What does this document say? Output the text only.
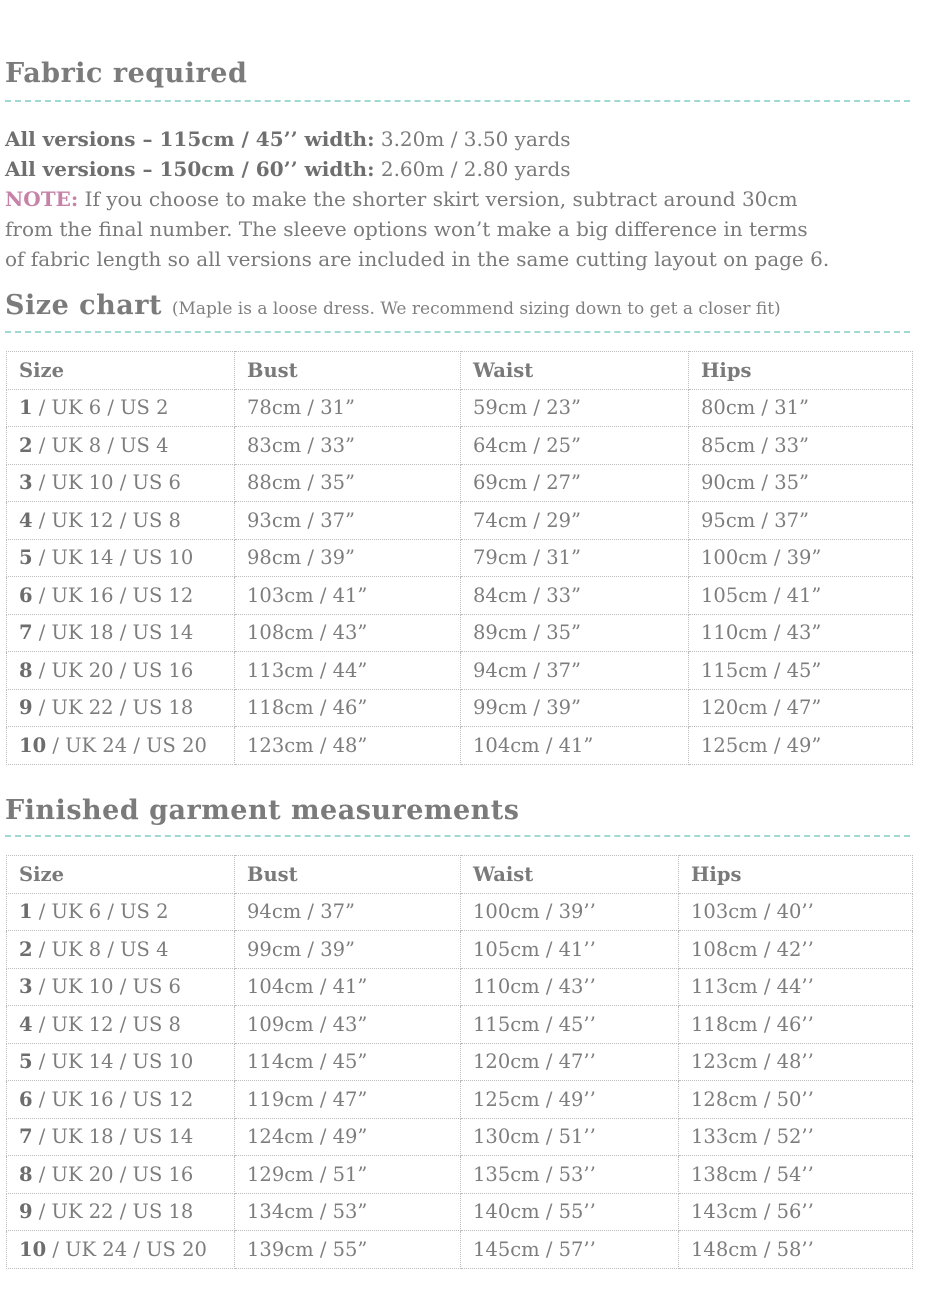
Fabric required

All versions – 115cm / 45’’ width: 3.20m / 3.50 yards

All versions – 150cm / 60’’ width: 2.60m / 2.80 yards

NOTE: If you choose to make the shorter skirt version, subtract around 30cm

from the final number. The sleeve options won’t make a big difference in terms

of fabric length so all versions are included in the same cutting layout on page 6.

Size chart (Maple is a loose dress. We recommend sizing down to get a closer fit)
Size	Bust	Waist	Hips
1 / UK 6 / US 2	78cm / 31”	59cm / 23”	80cm / 31”
2 / UK 8 / US 4	83cm / 33”	64cm / 25”	85cm / 33”
3 / UK 10 / US 6	88cm / 35”	69cm / 27”	90cm / 35”
4 / UK 12 / US 8	93cm / 37”	74cm / 29”	95cm / 37”
5 / UK 14 / US 10	98cm / 39”	79cm / 31”	100cm / 39”
6 / UK 16 / US 12	103cm / 41”	84cm / 33”	105cm / 41”
7 / UK 18 / US 14	108cm / 43”	89cm / 35”	110cm / 43”
8 / UK 20 / US 16	113cm / 44”	94cm / 37”	115cm / 45”
9 / UK 22 / US 18	118cm / 46”	99cm / 39”	120cm / 47”
10 / UK 24 / US 20	123cm / 48”	104cm / 41”	125cm / 49”
Finished garment measurements
Size	Bust	Waist	Hips
1 / UK 6 / US 2	94cm / 37”	100cm / 39’’	103cm / 40’’
2 / UK 8 / US 4	99cm / 39”	105cm / 41’’	108cm / 42’’
3 / UK 10 / US 6	104cm / 41”	110cm / 43’’	113cm / 44’’
4 / UK 12 / US 8	109cm / 43”	115cm / 45’’	118cm / 46’’
5 / UK 14 / US 10	114cm / 45”	120cm / 47’’	123cm / 48’’
6 / UK 16 / US 12	119cm / 47”	125cm / 49’’	128cm / 50’’
7 / UK 18 / US 14	124cm / 49”	130cm / 51’’	133cm / 52’’
8 / UK 20 / US 16	129cm / 51”	135cm / 53’’	138cm / 54’’
9 / UK 22 / US 18	134cm / 53”	140cm / 55’’	143cm / 56’’
10 / UK 24 / US 20	139cm / 55”	145cm / 57’’	148cm / 58’’
